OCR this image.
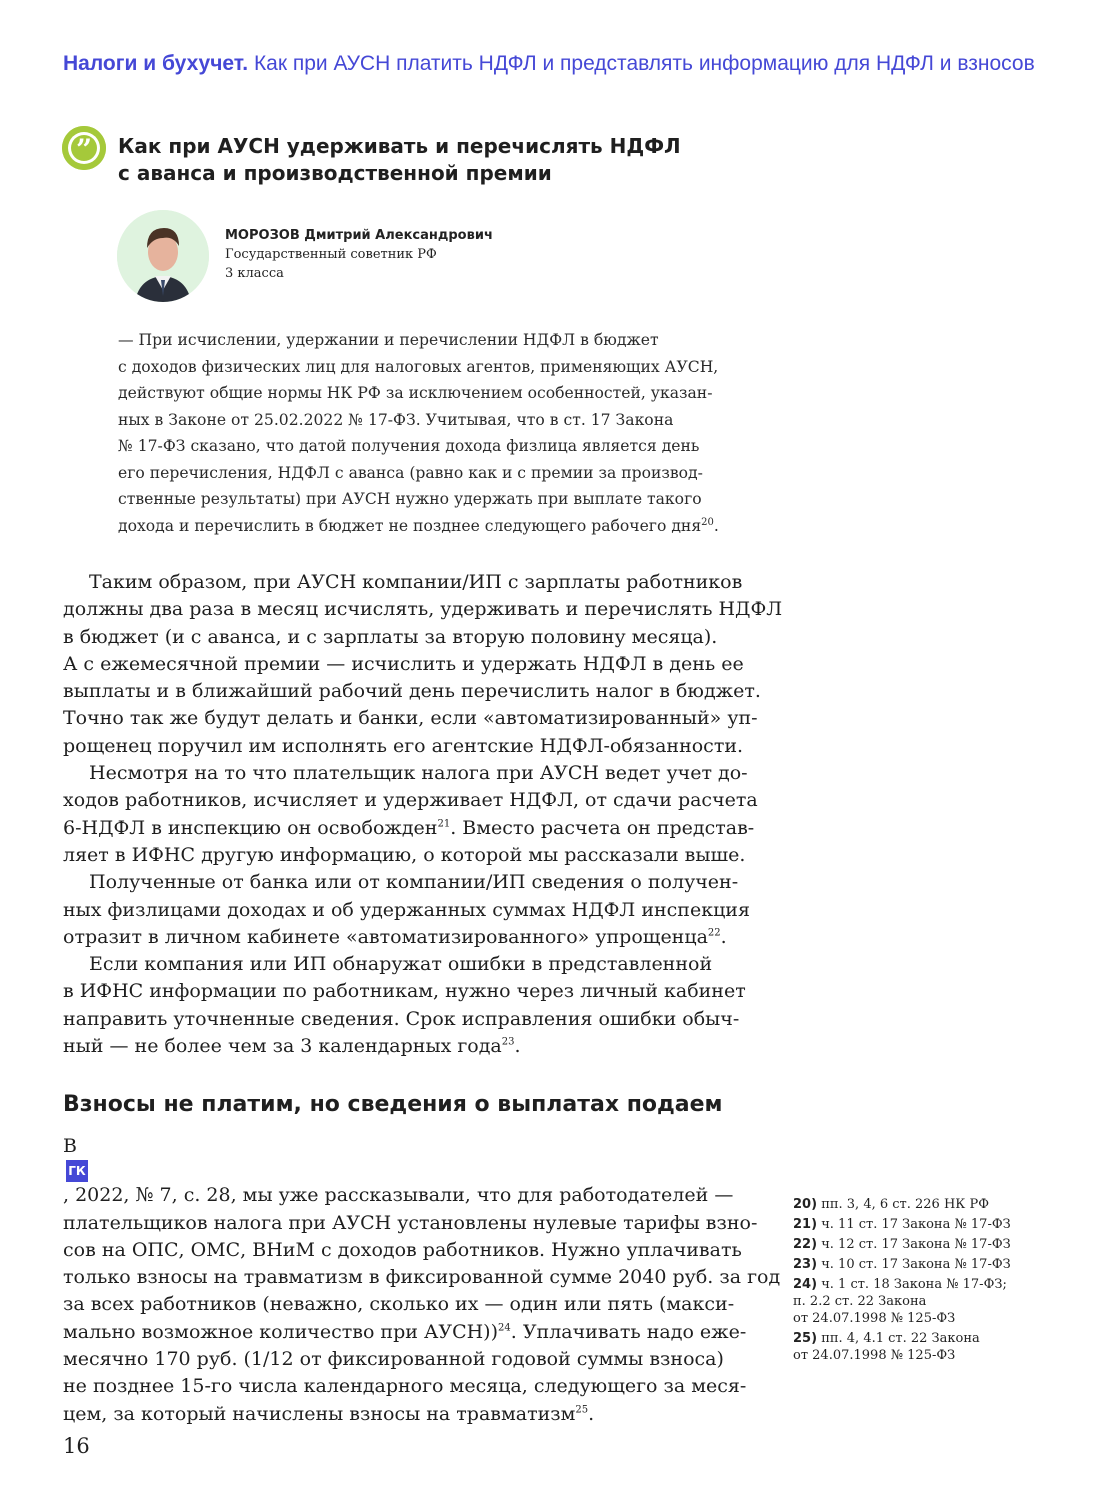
Налоги и бухучет. Как при АУСН платить НДФЛ и представлять информацию для НДФЛ и взносов
” Как при АУСН удерживать и перечислять НДФЛ
с аванса и производственной премии
МОРОЗОВ Дмитрий Александрович
Государственный советник РФ
3 класса
— При исчислении, удержании и перечислении НДФЛ в бюджет
с доходов физических лиц для налоговых агентов, применяющих АУСН,
действуют общие нормы НК РФ за исключением особенностей, указан-
ных в Законе от 25.02.2022 № 17-ФЗ. Учитывая, что в ст. 17 Закона
№ 17-ФЗ сказано, что датой получения дохода физлица является день
его перечисления, НДФЛ с аванса (равно как и с премии за производ-
ственные результаты) при АУСН нужно удержать при выплате такого
дохода и перечислить в бюджет не позднее следующего рабочего дня$^{20}$.
Таким образом, при АУСН компании/ИП с зарплаты работников
должны два раза в месяц исчислять, удерживать и перечислять НДФЛ
в бюджет (и с аванса, и с зарплаты за вторую половину месяца).
А с ежемесячной премии — исчислить и удержать НДФЛ в день ее
выплаты и в ближайший рабочий день перечислить налог в бюджет.
Точно так же будут делать и банки, если «автоматизированный» уп-
рощенец поручил им исполнять его агентские НДФЛ-обязанности.
Несмотря на то что плательщик налога при АУСН ведет учет до-
ходов работников, исчисляет и удерживает НДФЛ, от сдачи расчета
6-НДФЛ в инспекцию он освобожден$^{21}$. Вместо расчета он представ-
ляет в ИФНС другую информацию, о которой мы рассказали выше.
Полученные от банка или от компании/ИП сведения о получен-
ных физлицами доходах и об удержанных суммах НДФЛ инспекция
отразит в личном кабинете «автоматизированного» упрощенца$^{22}$.
Если компания или ИП обнаружат ошибки в представленной
в ИФНС информации по работникам, нужно через личный кабинет
направить уточненные сведения. Срок исправления ошибки обыч-
ный — не более чем за 3 календарных года$^{23}$.
Взносы не платим, но сведения о выплатах подаем
В
ГК
, 2022, № 7, с. 28, мы уже рассказывали, что для работодателей —
плательщиков налога при АУСН установлены нулевые тарифы взно-
сов на ОПС, ОМС, ВНиМ с доходов работников. Нужно уплачивать
только взносы на травматизм в фиксированной сумме 2040 руб. за год
за всех работников (неважно, сколько их — один или пять (макси-
мально возможное количество при АУСН))$^{24}$. Уплачивать надо еже-
месячно 170 руб. (1/12 от фиксированной годовой суммы взноса)
не позднее 15-го числа календарного месяца, следующего за меся-
цем, за который начислены взносы на травматизм$^{25}$.
20) пп. 3, 4, 6 ст. 226 НК РФ
21) ч. 11 ст. 17 Закона № 17-ФЗ
22) ч. 12 ст. 17 Закона № 17-ФЗ
23) ч. 10 ст. 17 Закона № 17-ФЗ
24) ч. 1 ст. 18 Закона № 17-ФЗ;
п. 2.2 ст. 22 Закона
от 24.07.1998 № 125-ФЗ
25) пп. 4, 4.1 ст. 22 Закона
от 24.07.1998 № 125-ФЗ
16
